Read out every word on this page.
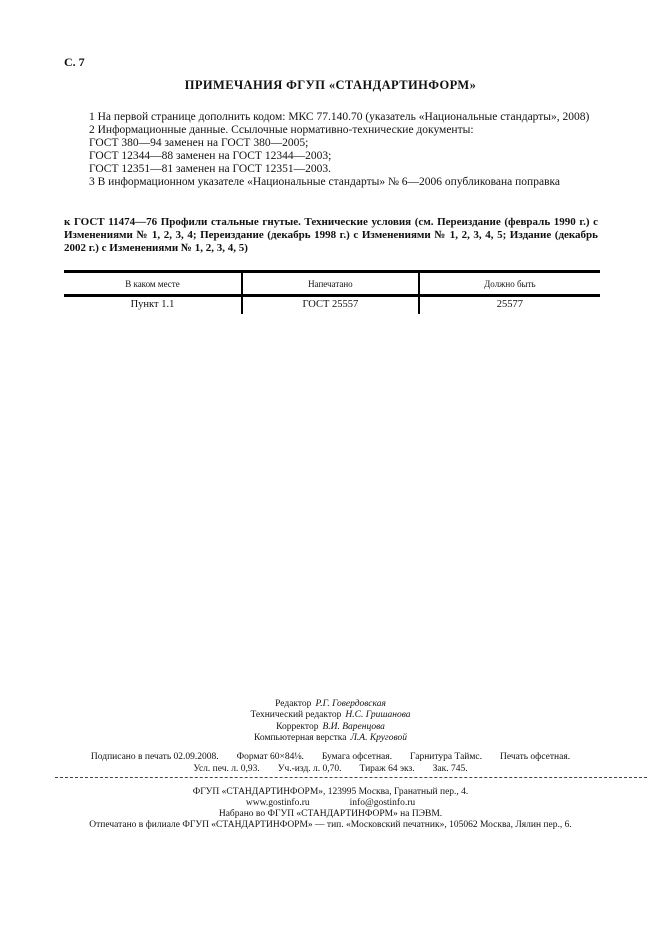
С. 7
ПРИМЕЧАНИЯ ФГУП «СТАНДАРТИНФОРМ»

1 На первой странице дополнить кодом: МКС 77.140.70 (указатель «Национальные стандарты», 2008)

2 Информационные данные. Ссылочные нормативно-технические документы:

ГОСТ 380—94 заменен на ГОСТ 380—2005;

ГОСТ 12344—88 заменен на ГОСТ 12344—2003;

ГОСТ 12351—81 заменен на ГОСТ 12351—2003.

3 В информационном указателе «Национальные стандарты» № 6—2006 опубликована поправка

к ГОСТ 11474—76 Профили стальные гнутые. Технические условия (см. Переиздание (февраль 1990 г.) с Изменениями № 1, 2, 3, 4; Переиздание (декабрь 1998 г.) с Изменениями № 1, 2, 3, 4, 5; Издание (декабрь 2002 г.) с Изменениями № 1, 2, 3, 4, 5)

В каком месте	Напечатано	Должно быть
Пункт 1.1	ГОСТ 25557	25577
Редактор Р.Г. Говердовская
Технический редактор Н.С. Гришанова
Корректор В.И. Варенцова
Компьютерная верстка Л.А. Круговой
Подписано в печать 02.09.2008. Формат 60×84⅛. Бумага офсетная. Гарнитура Таймс. Печать офсетная.
Усл. печ. л. 0,93. Уч.-изд. л. 0,70. Тираж 64 экз. Зак. 745.
ФГУП «СТАНДАРТИНФОРМ», 123995 Москва, Гранатный пер., 4.
www.gostinfo.ru	info@gostinfo.ru
Набрано во ФГУП «СТАНДАРТИНФОРМ» на ПЭВМ.
Отпечатано в филиале ФГУП «СТАНДАРТИНФОРМ» — тип. «Московский печатник», 105062 Москва, Лялин пер., 6.
